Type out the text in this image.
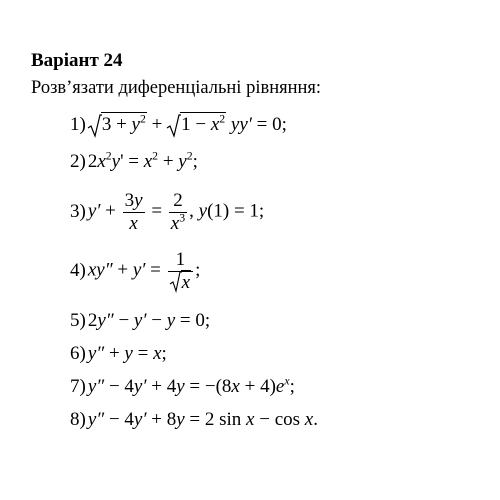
Варіант 24
Розв’язати диференціальні рівняння:
1) $3 + y^2$ +
$1 - x^2$ yy′ = 0;
2) $2x^2y' = x^2 + y^2$;
3) $y' + \frac{3y}{x} = \frac{2}{x^3}$ , y(1) = 1;
4) $xy'' + y' = \frac{1}{x}$ ;
5) 2y″ − y′ − y = 0;
6) y″ + y = x;
7) $y'' - 4y' + 4y = -(8x + 4)e^x$;
8) y″ − 4y′ + 8y = 2 sin x − cos x.
